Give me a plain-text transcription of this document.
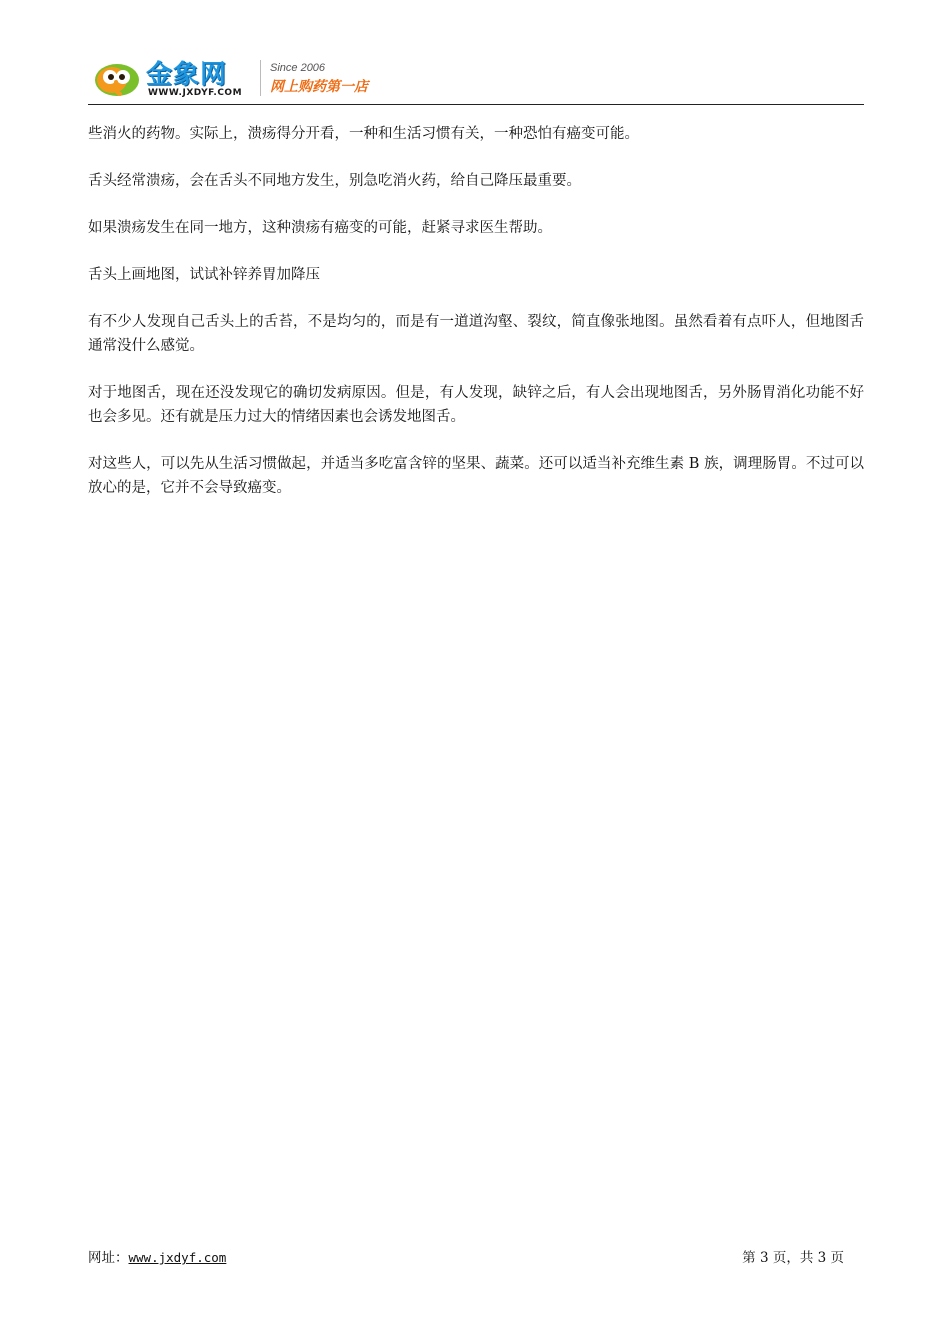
金象网
WWW.JXDYF.COM
Since 2006
网上购药第一店

些消火的药物。实际上，溃疡得分开看，一种和生活习惯有关，一种恐怕有癌变可能。

舌头经常溃疡，会在舌头不同地方发生，别急吃消火药，给自己降压最重要。

如果溃疡发生在同一地方，这种溃疡有癌变的可能，赶紧寻求医生帮助。

舌头上画地图，试试补锌养胃加降压

有不少人发现自己舌头上的舌苔，不是均匀的，而是有一道道沟壑、裂纹，简直像张地图。虽然看着有点吓人，但地图舌通常没什么感觉。

对于地图舌，现在还没发现它的确切发病原因。但是，有人发现，缺锌之后，有人会出现地图舌，另外肠胃消化功能不好也会多见。还有就是压力过大的情绪因素也会诱发地图舌。

对这些人，可以先从生活习惯做起，并适当多吃富含锌的坚果、蔬菜。还可以适当补充维生素 B 族，调理肠胃。不过可以放心的是，它并不会导致癌变。

网址：www.jxdyf.com	第 3 页，共 3 页
